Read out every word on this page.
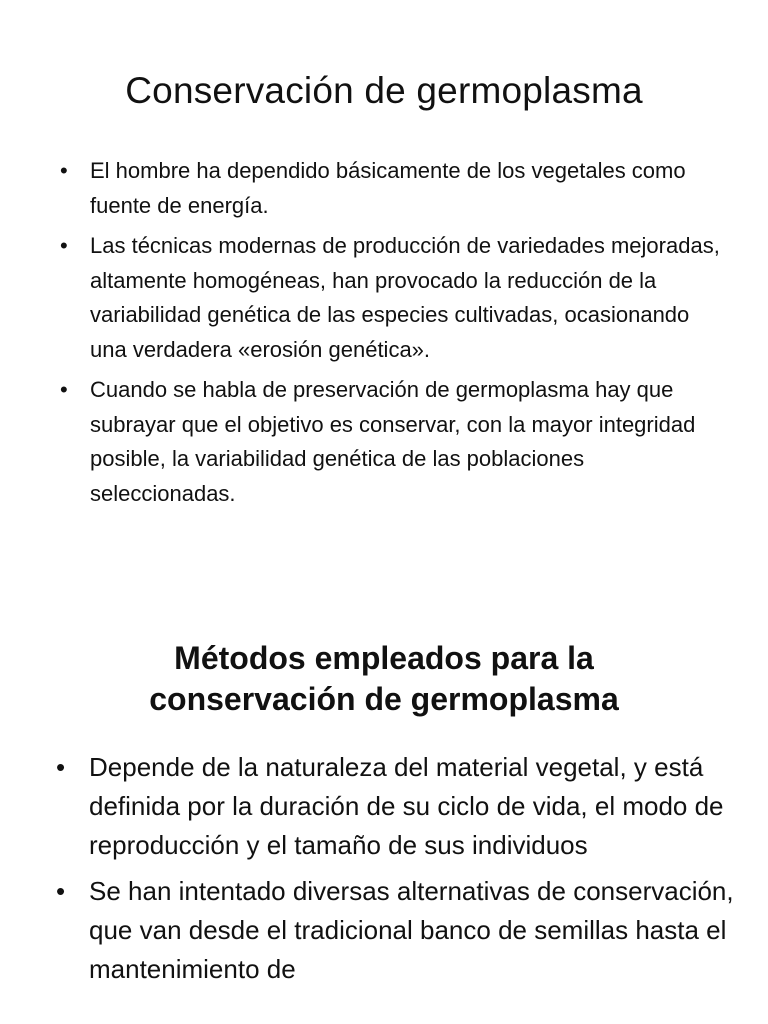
Conservación de germoplasma
• El hombre ha dependido básicamente de los vegetales como fuente de energía.
• Las técnicas modernas de producción de variedades mejoradas, altamente homogéneas, han provocado la reducción de la variabilidad genética de las especies cultivadas, ocasionando una verdadera «erosión genética».
• Cuando se habla de preservación de germoplasma hay que subrayar que el objetivo es conservar, con la mayor integridad posible, la variabilidad genética de las poblaciones seleccionadas.
Métodos empleados para la
conservación de germoplasma
• Depende de la naturaleza del material vegetal, y está definida por la duración de su ciclo de vida, el modo de reproducción y el tamaño de sus individuos
• Se han intentado diversas alternativas de conservación, que van desde el tradicional banco de semillas hasta el mantenimiento de
